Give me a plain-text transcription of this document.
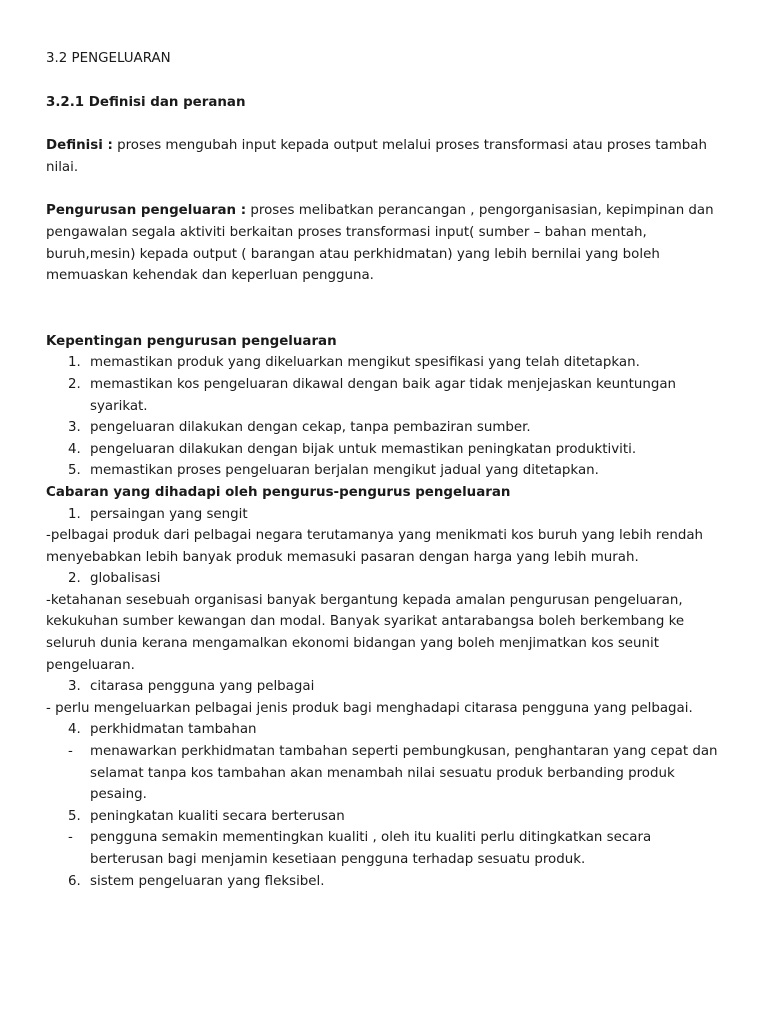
3.2 PENGELUARAN

3.2.1 Definisi dan peranan

Definisi : proses mengubah input kepada output melalui proses transformasi atau proses tambah nilai.

Pengurusan pengeluaran : proses melibatkan perancangan , pengorganisasian, kepimpinan dan pengawalan segala aktiviti berkaitan proses transformasi input( sumber – bahan mentah, buruh,mesin) kepada output ( barangan atau perkhidmatan) yang lebih bernilai yang boleh memuaskan kehendak dan keperluan pengguna.

Kepentingan pengurusan pengeluaran

1. memastikan produk yang dikeluarkan mengikut spesifikasi yang telah ditetapkan.
2. memastikan kos pengeluaran dikawal dengan baik agar tidak menjejaskan keuntungan syarikat.
3. pengeluaran dilakukan dengan cekap, tanpa pembaziran sumber.
4. pengeluaran dilakukan dengan bijak untuk memastikan peningkatan produktiviti.
5. memastikan proses pengeluaran berjalan mengikut jadual yang ditetapkan.

Cabaran yang dihadapi oleh pengurus-pengurus pengeluaran

1. persaingan yang sengit

-pelbagai produk dari pelbagai negara terutamanya yang menikmati kos buruh yang lebih rendah menyebabkan lebih banyak produk memasuki pasaran dengan harga yang lebih murah.

2. globalisasi

-ketahanan sesebuah organisasi banyak bergantung kepada amalan pengurusan pengeluaran, kekukuhan sumber kewangan dan modal. Banyak syarikat antarabangsa boleh berkembang ke seluruh dunia kerana mengamalkan ekonomi bidangan yang boleh menjimatkan kos seunit pengeluaran.

3. citarasa pengguna yang pelbagai

- perlu mengeluarkan pelbagai jenis produk bagi menghadapi citarasa pengguna yang pelbagai.

4. perkhidmatan tambahan
- menawarkan perkhidmatan tambahan seperti pembungkusan, penghantaran yang cepat dan selamat tanpa kos tambahan akan menambah nilai sesuatu produk berbanding produk pesaing.
5. peningkatan kualiti secara berterusan
- pengguna semakin mementingkan kualiti , oleh itu kualiti perlu ditingkatkan secara berterusan bagi menjamin kesetiaan pengguna terhadap sesuatu produk.
6. sistem pengeluaran yang fleksibel.
